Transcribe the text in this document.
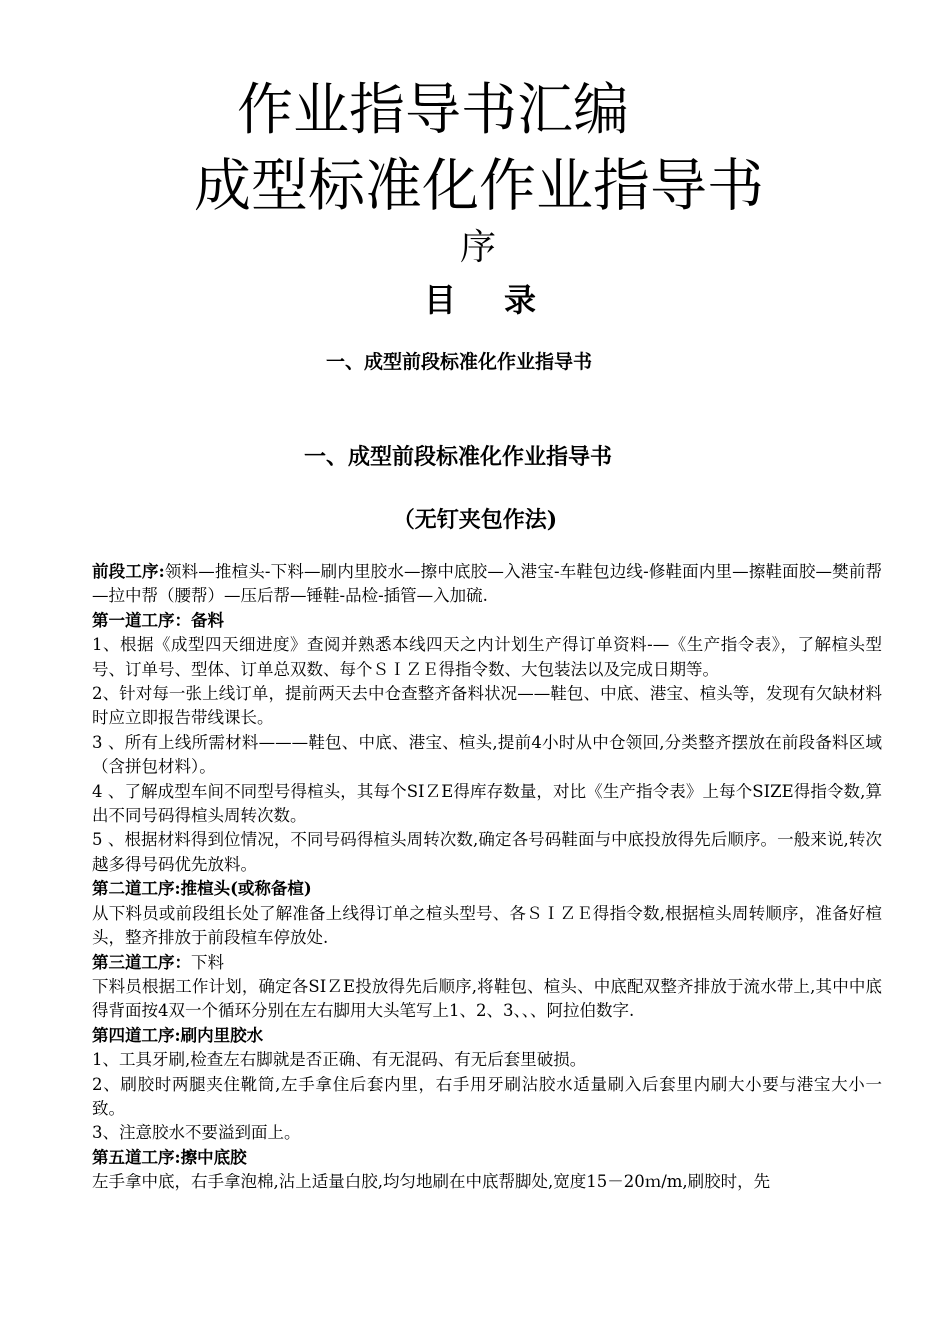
作业指导书汇编
成型标准化作业指导书
序
目录
一、成型前段标准化作业指导书
一、成型前段标准化作业指导书
（无钉夹包作法)

前段工序:领料—推楦头-下料—刷内里胶水—擦中底胶—入港宝-车鞋包边线-修鞋面内里—擦鞋面胶—樊前帮—拉中帮（腰帮）—压后帮—锤鞋-品检-插管—入加硫.

第一道工序：备料

1、根据《成型四天细进度》查阅并熟悉本线四天之内计划生产得订单资料-—《生产指令表》，了解楦头型号、订单号、型体、订单总双数、每个ＳＩＺＥ得指令数、大包装法以及完成日期等。

2、针对每一张上线订单，提前两天去中仓查整齐备料状况——鞋包、中底、港宝、楦头等，发现有欠缺材料时应立即报告带线课长。

3 、所有上线所需材料———鞋包、中底、港宝、楦头,提前4小时从中仓领回,分类整齐摆放在前段备料区域（含拼包材料）。

4 、了解成型车间不同型号得楦头，其每个SIＺE得库存数量，对比《生产指令表》上每个SIZE得指令数,算出不同号码得楦头周转次数。

5 、根据材料得到位情况，不同号码得楦头周转次数,确定各号码鞋面与中底投放得先后顺序。一般来说,转次越多得号码优先放料。

第二道工序:推楦头(或称备楦)

从下料员或前段组长处了解准备上线得订单之楦头型号、各ＳＩＺＥ得指令数,根据楦头周转顺序，准备好楦头，整齐排放于前段楦车停放处.

第三道工序：下料

下料员根据工作计划，确定各SIＺE投放得先后顺序,将鞋包、楦头、中底配双整齐排放于流水带上,其中中底得背面按4双一个循环分别在左右脚用大头笔写上1、2、3、、、阿拉伯数字.

第四道工序:刷内里胶水

1、工具牙刷,检查左右脚就是否正确、有无混码、有无后套里破损。

2、刷胶时两腿夹住靴筒,左手拿住后套内里，右手用牙刷沾胶水适量刷入后套里内刷大小要与港宝大小一致。

3、注意胶水不要溢到面上。

第五道工序:擦中底胶

左手拿中底，右手拿泡棉,沾上适量白胶,均匀地刷在中底帮脚处,宽度15－20ｍ/m,刷胶时，先
